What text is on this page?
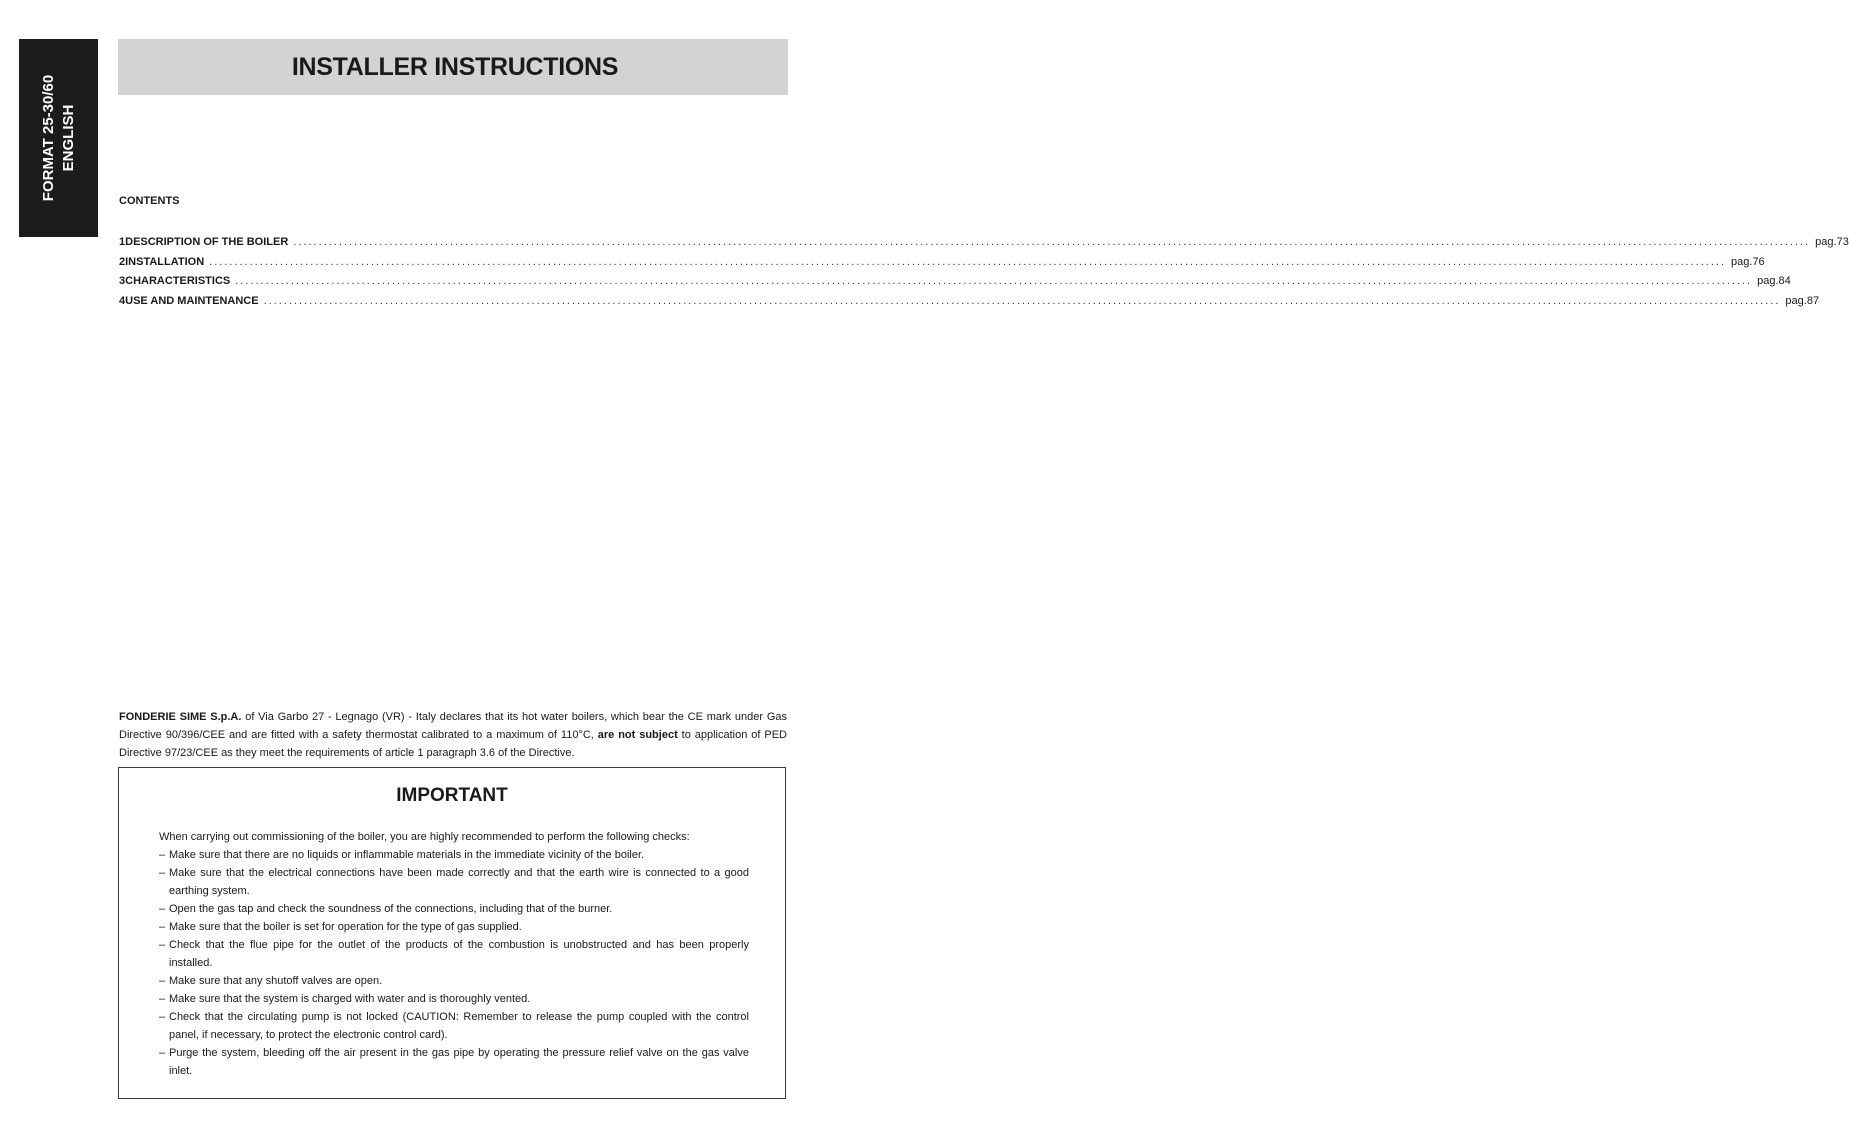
FORMAT 25-30/60 ENGLISH
INSTALLER INSTRUCTIONS
CONTENTS
1 DESCRIPTION OF THE BOILER ............................................................................................................................................................................................................................................................................................................ pag. 73
2 INSTALLATION ............................................................................................................................................................................................................................................................................................................ pag. 76
3 CHARACTERISTICS ............................................................................................................................................................................................................................................................................................................ pag. 84
4 USE AND MAINTENANCE ............................................................................................................................................................................................................................................................................................................ pag. 87
FONDERIE SIME S.p.A. of Via Garbo 27 - Legnago (VR) - Italy declares that its hot water boilers, which bear the CE mark under Gas Directive 90/396/CEE and are fitted with a safety thermostat calibrated to a maximum of 110°C, are not subject to application of PED Directive 97/23/CEE as they meet the requirements of article 1 paragraph 3.6 of the Directive.
IMPORTANT

When carrying out commissioning of the boiler, you are highly recommended to perform the following checks:

– Make sure that there are no liquids or inflammable materials in the immediate vicinity of the boiler.
– Make sure that the electrical connections have been made correctly and that the earth wire is connected to a good earthing system.
– Open the gas tap and check the soundness of the connections, including that of the burner.
– Make sure that the boiler is set for operation for the type of gas supplied.
– Check that the flue pipe for the outlet of the products of the combustion is unobstructed and has been properly installed.
– Make sure that any shutoff valves are open.
– Make sure that the system is charged with water and is thoroughly vented.
– Check that the circulating pump is not locked (CAUTION: Remember to release the pump coupled with the control panel, if necessary, to protect the electronic control card).
– Purge the system, bleeding off the air present in the gas pipe by operating the pressure relief valve on the gas valve inlet.
